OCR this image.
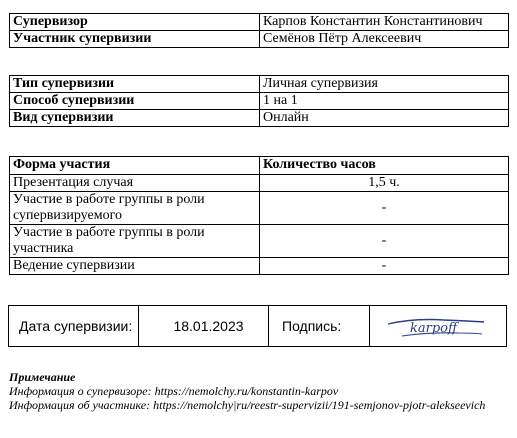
Супервизор	Карпов Константин Константинович
Участник супервизии	Семёнов Пётр Алексеевич
Тип супервизии	Личная супервизия
Способ супервизии	1 на 1
Вид супервизии	Онлайн
Форма участия	Количество часов
Презентация случая	1,5 ч.
Участие в работе группы в роли супервизируемого	-
Участие в работе группы в роли участника	-
Ведение супервизии	-
Дата супервизии:	18.01.2023	Подпись:	karpoff
Примечание
Информация о супервизоре: https://nemolchy.ru/konstantin-karpov
Информация об участнике: https://nemolchy|ru/reestr-supervizii/191-semjonov-pjotr-alekseevich
